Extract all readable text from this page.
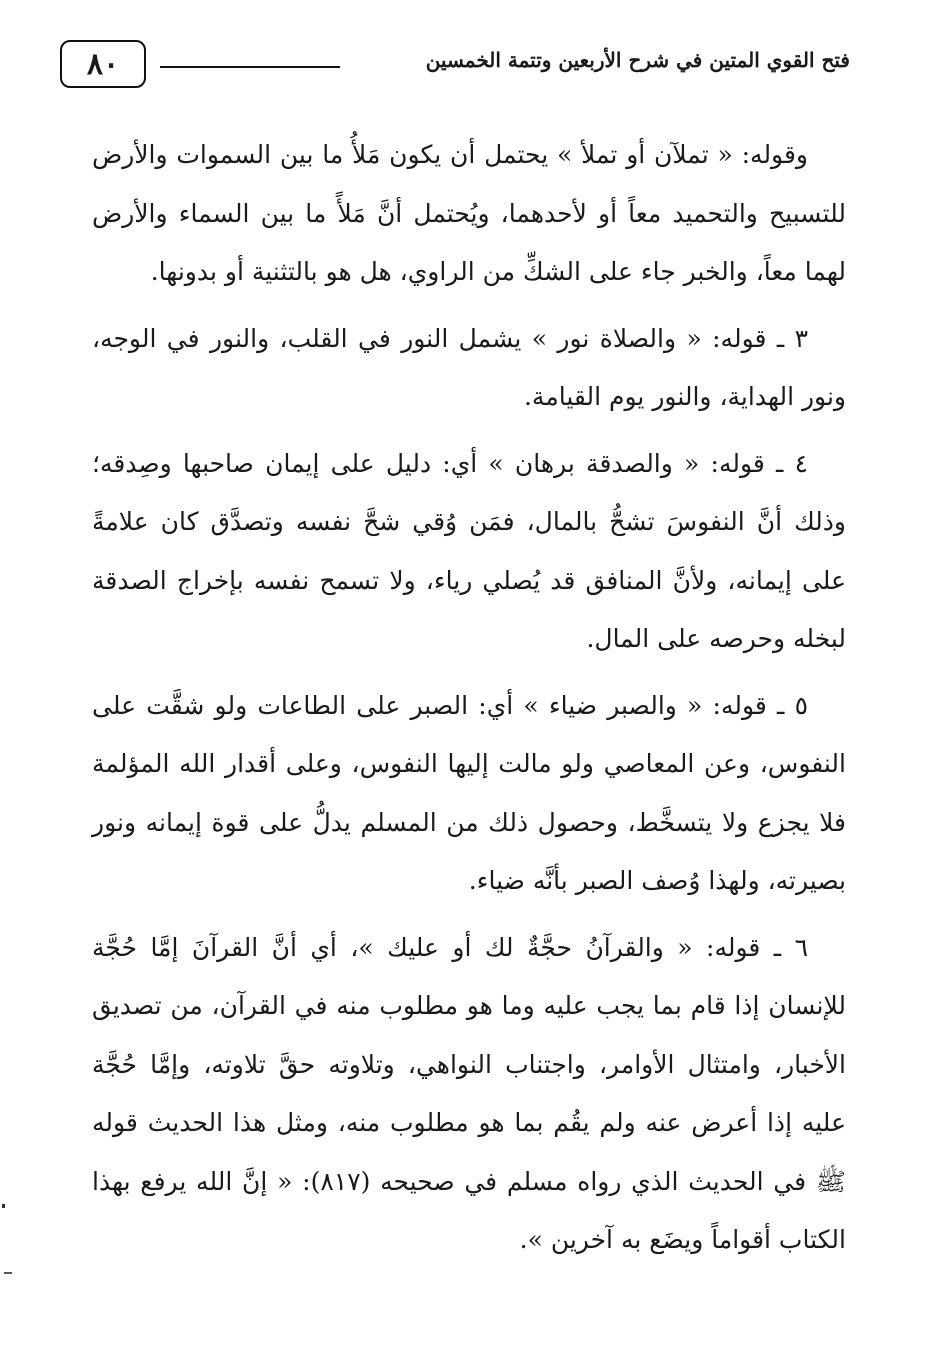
٨٠	فتح القوي المتين في شرح الأربعين وتتمة الخمسين

وقوله: « تملآن أو تملأ » يحتمل أن يكون مَلأُ ما بين السموات والأرض للتسبيح والتحميد معاً أو لأحدهما، ويُحتمل أنَّ مَلأً ما بين السماء والأرض لهما معاً، والخبر جاء على الشكِّ من الراوي، هل هو بالتثنية أو بدونها.

٣ ـ قوله: « والصلاة نور » يشمل النور في القلب، والنور في الوجه، ونور الهداية، والنور يوم القيامة.

٤ ـ قوله: « والصدقة برهان » أي: دليل على إيمان صاحبها وصِدقه؛ وذلك أنَّ النفوسَ تشحُّ بالمال، فمَن وُقي شحَّ نفسه وتصدَّق كان علامةً على إيمانه، ولأنَّ المنافق قد يُصلي رياء، ولا تسمح نفسه بإخراج الصدقة لبخله وحرصه على المال.

٥ ـ قوله: « والصبر ضياء » أي: الصبر على الطاعات ولو شقَّت على النفوس، وعن المعاصي ولو مالت إليها النفوس، وعلى أقدار الله المؤلمة فلا يجزع ولا يتسخَّط، وحصول ذلك من المسلم يدلُّ على قوة إيمانه ونور بصيرته، ولهذا وُصف الصبر بأنَّه ضياء.

٦ ـ قوله: « والقرآنُ حجَّةٌ لك أو عليك »، أي أنَّ القرآنَ إمَّا حُجَّة للإنسان إذا قام بما يجب عليه وما هو مطلوب منه في القرآن، من تصديق الأخبار، وامتثال الأوامر، واجتناب النواهي، وتلاوته حقَّ تلاوته، وإمَّا حُجَّة عليه إذا أعرض عنه ولم يقُم بما هو مطلوب منه، ومثل هذا الحديث قوله ﷺ في الحديث الذي رواه مسلم في صحيحه (٨١٧): « إنَّ الله يرفع بهذا الكتاب أقواماً ويضَع به آخرين ».
